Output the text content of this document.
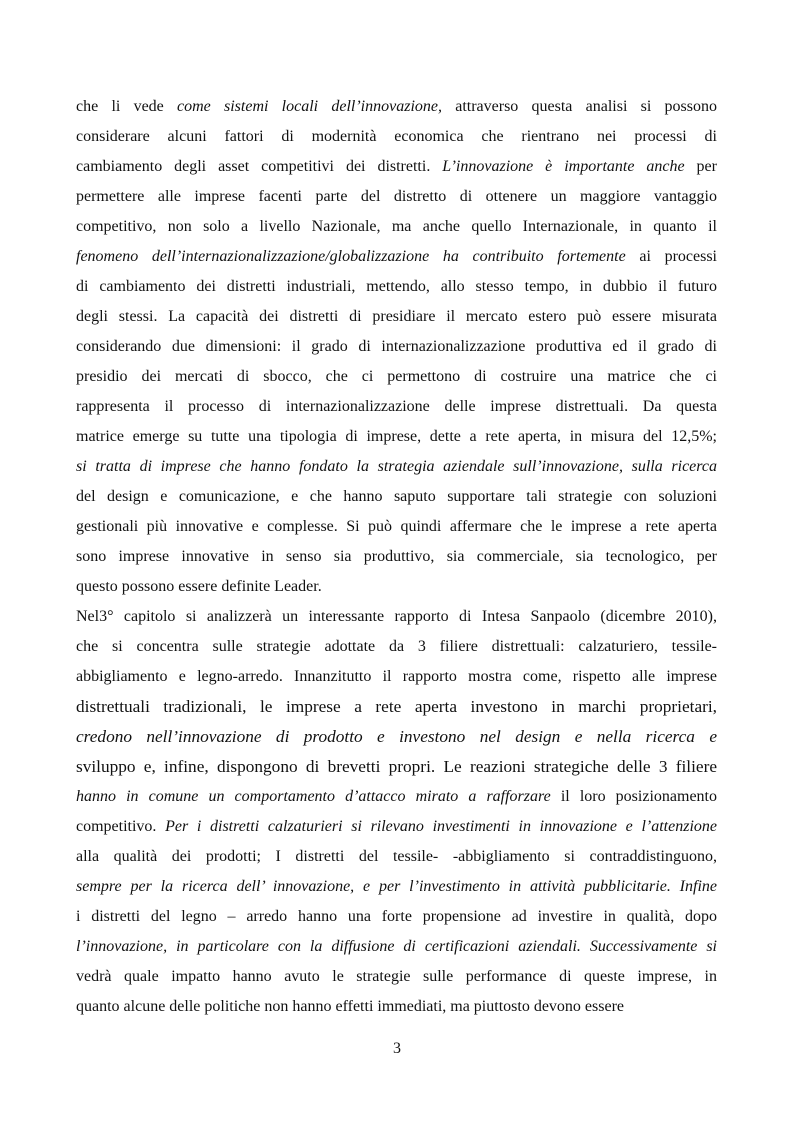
che li vede come sistemi locali dell’innovazione, attraverso questa analisi si possono
considerare alcuni fattori di modernità economica che rientrano nei processi di
cambiamento degli asset competitivi dei distretti. L’innovazione è importante anche per
permettere alle imprese facenti parte del distretto di ottenere un maggiore vantaggio
competitivo, non solo a livello Nazionale, ma anche quello Internazionale, in quanto il
fenomeno dell’internazionalizzazione/globalizzazione ha contribuito fortemente ai processi
di cambiamento dei distretti industriali, mettendo, allo stesso tempo, in dubbio il futuro
degli stessi. La capacità dei distretti di presidiare il mercato estero può essere misurata
considerando due dimensioni: il grado di internazionalizzazione produttiva ed il grado di
presidio dei mercati di sbocco, che ci permettono di costruire una matrice che ci
rappresenta il processo di internazionalizzazione delle imprese distrettuali. Da questa
matrice emerge su tutte una tipologia di imprese, dette a rete aperta, in misura del 12,5%;
si tratta di imprese che hanno fondato la strategia aziendale sull’innovazione, sulla ricerca
del design e comunicazione, e che hanno saputo supportare tali strategie con soluzioni
gestionali più innovative e complesse. Si può quindi affermare che le imprese a rete aperta
sono imprese innovative in senso sia produttivo, sia commerciale, sia tecnologico, per
questo possono essere definite Leader.
Nel3° capitolo si analizzerà un interessante rapporto di Intesa Sanpaolo (dicembre 2010),
che si concentra sulle strategie adottate da 3 filiere distrettuali: calzaturiero, tessile-
abbigliamento e legno-arredo. Innanzitutto il rapporto mostra come, rispetto alle imprese
distrettuali tradizionali, le imprese a rete aperta investono in marchi proprietari,
credono nell’innovazione di prodotto e investono nel design e nella ricerca e
sviluppo e, infine, dispongono di brevetti propri. Le reazioni strategiche delle 3 filiere
hanno in comune un comportamento d’attacco mirato a rafforzare il loro posizionamento
competitivo. Per i distretti calzaturieri si rilevano investimenti in innovazione e l’attenzione
alla qualità dei prodotti; I distretti del tessile- -abbigliamento si contraddistinguono,
sempre per la ricerca dell’ innovazione, e per l’investimento in attività pubblicitarie. Infine
i distretti del legno – arredo hanno una forte propensione ad investire in qualità, dopo
l’innovazione, in particolare con la diffusione di certificazioni aziendali. Successivamente si
vedrà quale impatto hanno avuto le strategie sulle performance di queste imprese, in
quanto alcune delle politiche non hanno effetti immediati, ma piuttosto devono essere
3
